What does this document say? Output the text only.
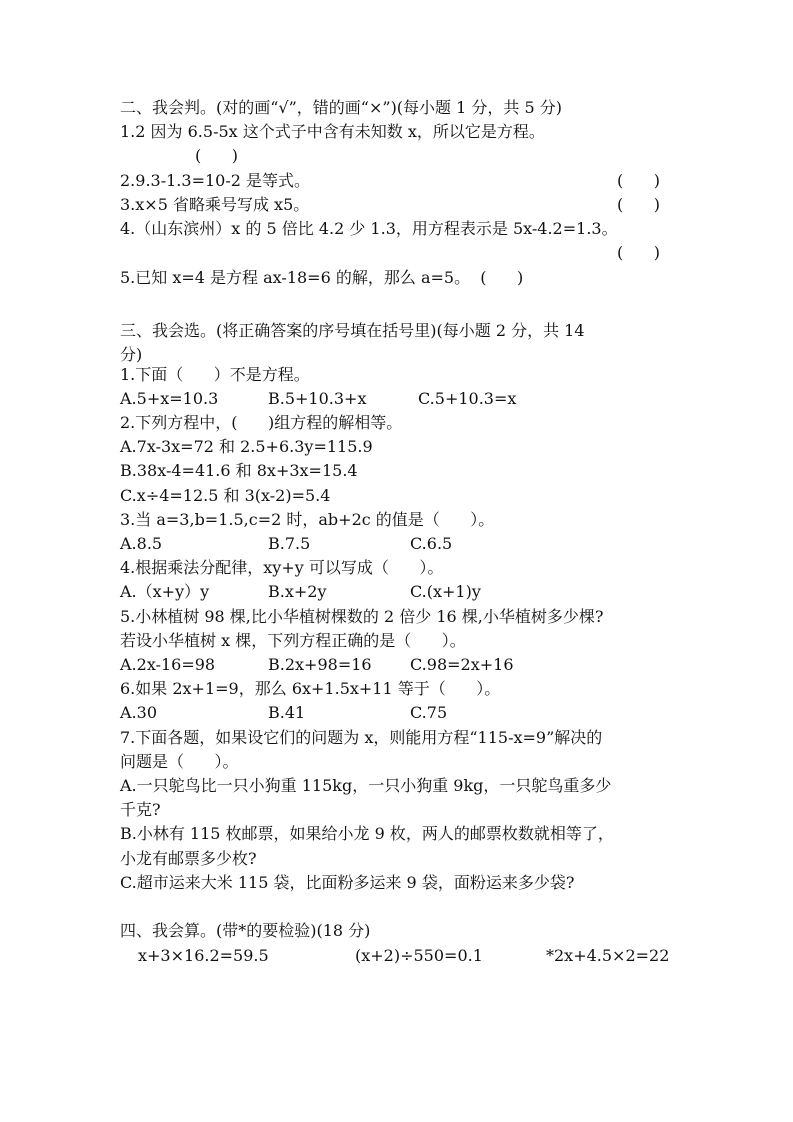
二、我会判。(对的画“√”，错的画“×”)(每小题 1 分，共 5 分)
1.2 因为 6.5-5x 这个式子中含有未知数 x，所以它是方程。
(      )
2.9.3-1.3=10-2 是等式。	(      )
3.x×5 省略乘号写成 x5。	(      )
4.（山东滨州）x 的 5 倍比 4.2 少 1.3，用方程表示是 5x-4.2=1.3。
(      )
5.已知 x=4 是方程 ax-18=6 的解，那么 a=5。  (      )
三、我会选。(将正确答案的序号填在括号里)(每小题 2 分，共 14
分)
1.下面（      ）不是方程。
A.5+x=10.3	B.5+10.3+x	C.5+10.3=x
2.下列方程中，(      )组方程的解相等。
A.7x-3x=72 和 2.5+6.3y=115.9
B.38x-4=41.6 和 8x+3x=15.4
C.x÷4=12.5 和 3(x-2)=5.4
3.当 a=3,b=1.5,c=2 时，ab+2c 的值是（      ）。
A.8.5	B.7.5	C.6.5
4.根据乘法分配律，xy+y 可以写成（      ）。
A.（x+y）y	B.x+2y	C.(x+1)y
5.小林植树 98 棵,比小华植树棵数的 2 倍少 16 棵,小华植树多少棵?
若设小华植树 x 棵，下列方程正确的是（      ）。
A.2x-16=98	B.2x+98=16 C.98=2x+16
6.如果 2x+1=9，那么 6x+1.5x+11 等于（      ）。
A.30	B.41	C.75
7.下面各题，如果设它们的问题为 x，则能用方程“115-x=9”解决的
问题是（      ）。
A.一只鸵鸟比一只小狗重 115kg，一只小狗重 9kg，一只鸵鸟重多少
千克?
B.小林有 115 枚邮票，如果给小龙 9 枚，两人的邮票枚数就相等了，
小龙有邮票多少枚?
C.超市运来大米 115 袋，比面粉多运来 9 袋，面粉运来多少袋?
四、我会算。(带*的要检验)(18 分)
x+3×16.2=59.5	(x+2)÷550=0.1	*2x+4.5×2=22
